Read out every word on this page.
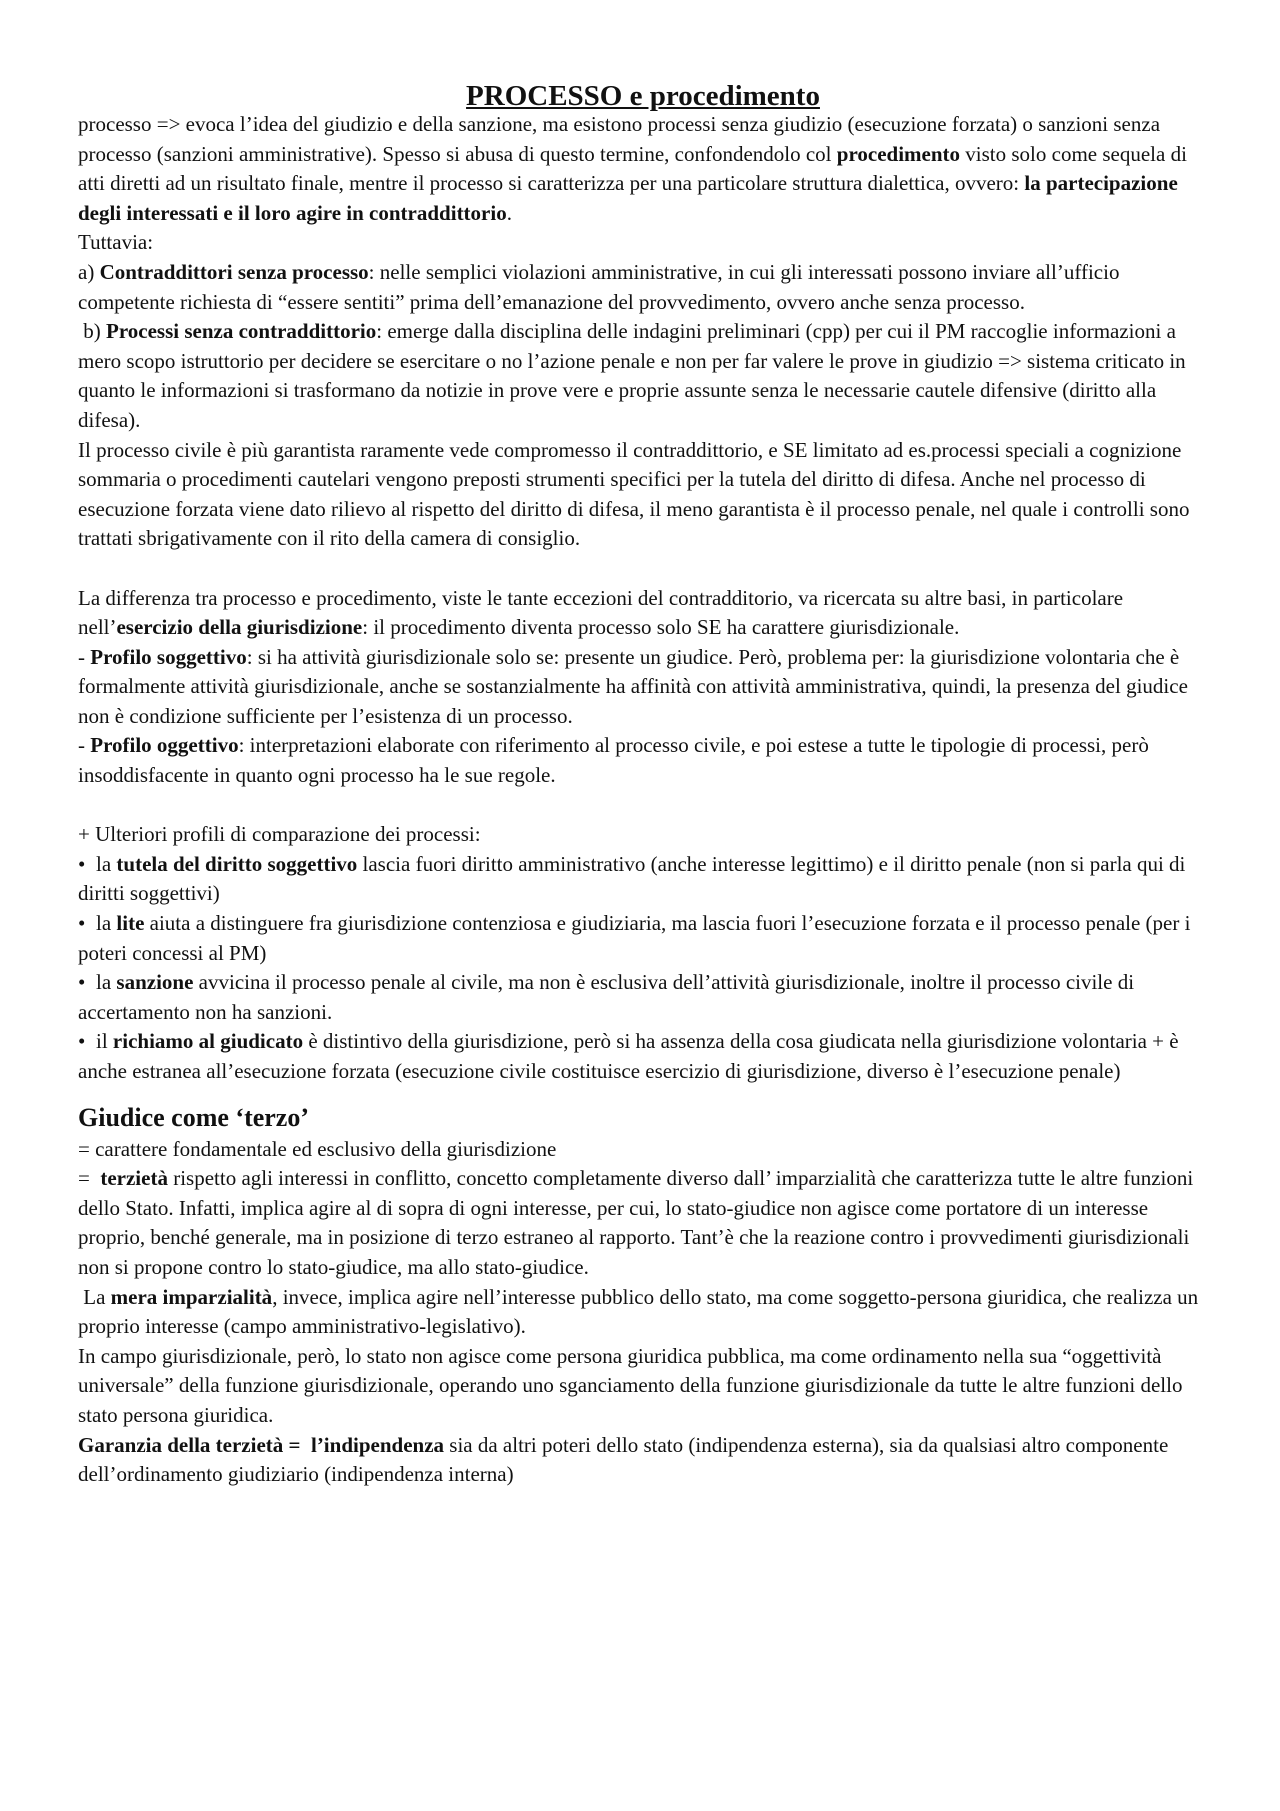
PROCESSO e procedimento

processo => evoca l’idea del giudizio e della sanzione, ma esistono processi senza giudizio (esecuzione forzata) o sanzioni senza processo (sanzioni amministrative). Spesso si abusa di questo termine, confondendolo col procedimento visto solo come sequela di atti diretti ad un risultato finale, mentre il processo si caratterizza per una particolare struttura dialettica, ovvero: la partecipazione degli interessati e il loro agire in contraddittorio.

Tuttavia:

a) Contraddittori senza processo: nelle semplici violazioni amministrative, in cui gli interessati possono inviare all’ufficio competente richiesta di “essere sentiti” prima dell’emanazione del provvedimento, ovvero anche senza processo.

b) Processi senza contraddittorio: emerge dalla disciplina delle indagini preliminari (cpp) per cui il PM raccoglie informazioni a mero scopo istruttorio per decidere se esercitare o no l’azione penale e non per far valere le prove in giudizio => sistema criticato in quanto le informazioni si trasformano da notizie in prove vere e proprie assunte senza le necessarie cautele difensive (diritto alla difesa).

Il processo civile è più garantista raramente vede compromesso il contraddittorio, e SE limitato ad es.processi speciali a cognizione sommaria o procedimenti cautelari vengono preposti strumenti specifici per la tutela del diritto di difesa. Anche nel processo di esecuzione forzata viene dato rilievo al rispetto del diritto di difesa, il meno garantista è il processo penale, nel quale i controlli sono trattati sbrigativamente con il rito della camera di consiglio.

La differenza tra processo e procedimento, viste le tante eccezioni del contradditorio, va ricercata su altre basi, in particolare nell’esercizio della giurisdizione: il procedimento diventa processo solo SE ha carattere giurisdizionale.

- Profilo soggettivo: si ha attività giurisdizionale solo se: presente un giudice. Però, problema per: la giurisdizione volontaria che è formalmente attività giurisdizionale, anche se sostanzialmente ha affinità con attività amministrativa, quindi, la presenza del giudice non è condizione sufficiente per l’esistenza di un processo.

- Profilo oggettivo: interpretazioni elaborate con riferimento al processo civile, e poi estese a tutte le tipologie di processi, però insoddisfacente in quanto ogni processo ha le sue regole.

+ Ulteriori profili di comparazione dei processi:

• la tutela del diritto soggettivo lascia fuori diritto amministrativo (anche interesse legittimo) e il diritto penale (non si parla qui di diritti soggettivi)

• la lite aiuta a distinguere fra giurisdizione contenziosa e giudiziaria, ma lascia fuori l’esecuzione forzata e il processo penale (per i poteri concessi al PM)

• la sanzione avvicina il processo penale al civile, ma non è esclusiva dell’attività giurisdizionale, inoltre il processo civile di accertamento non ha sanzioni.

• il richiamo al giudicato è distintivo della giurisdizione, però si ha assenza della cosa giudicata nella giurisdizione volontaria + è anche estranea all’esecuzione forzata (esecuzione civile costituisce esercizio di giurisdizione, diverso è l’esecuzione penale)

Giudice come ‘terzo’

= carattere fondamentale ed esclusivo della giurisdizione

=  terzietà rispetto agli interessi in conflitto, concetto completamente diverso dall’ imparzialità che caratterizza tutte le altre funzioni dello Stato. Infatti, implica agire al di sopra di ogni interesse, per cui, lo stato-giudice non agisce come portatore di un interesse proprio, benché generale, ma in posizione di terzo estraneo al rapporto. Tant’è che la reazione contro i provvedimenti giurisdizionali non si propone contro lo stato-giudice, ma allo stato-giudice.

La mera imparzialità, invece, implica agire nell’interesse pubblico dello stato, ma come soggetto-persona giuridica, che realizza un proprio interesse (campo amministrativo-legislativo).

In campo giurisdizionale, però, lo stato non agisce come persona giuridica pubblica, ma come ordinamento nella sua “oggettività universale” della funzione giurisdizionale, operando uno sganciamento della funzione giurisdizionale da tutte le altre funzioni dello stato persona giuridica.

Garanzia della terzietà =  l’indipendenza sia da altri poteri dello stato (indipendenza esterna), sia da qualsiasi altro componente dell’ordinamento giudiziario (indipendenza interna)
